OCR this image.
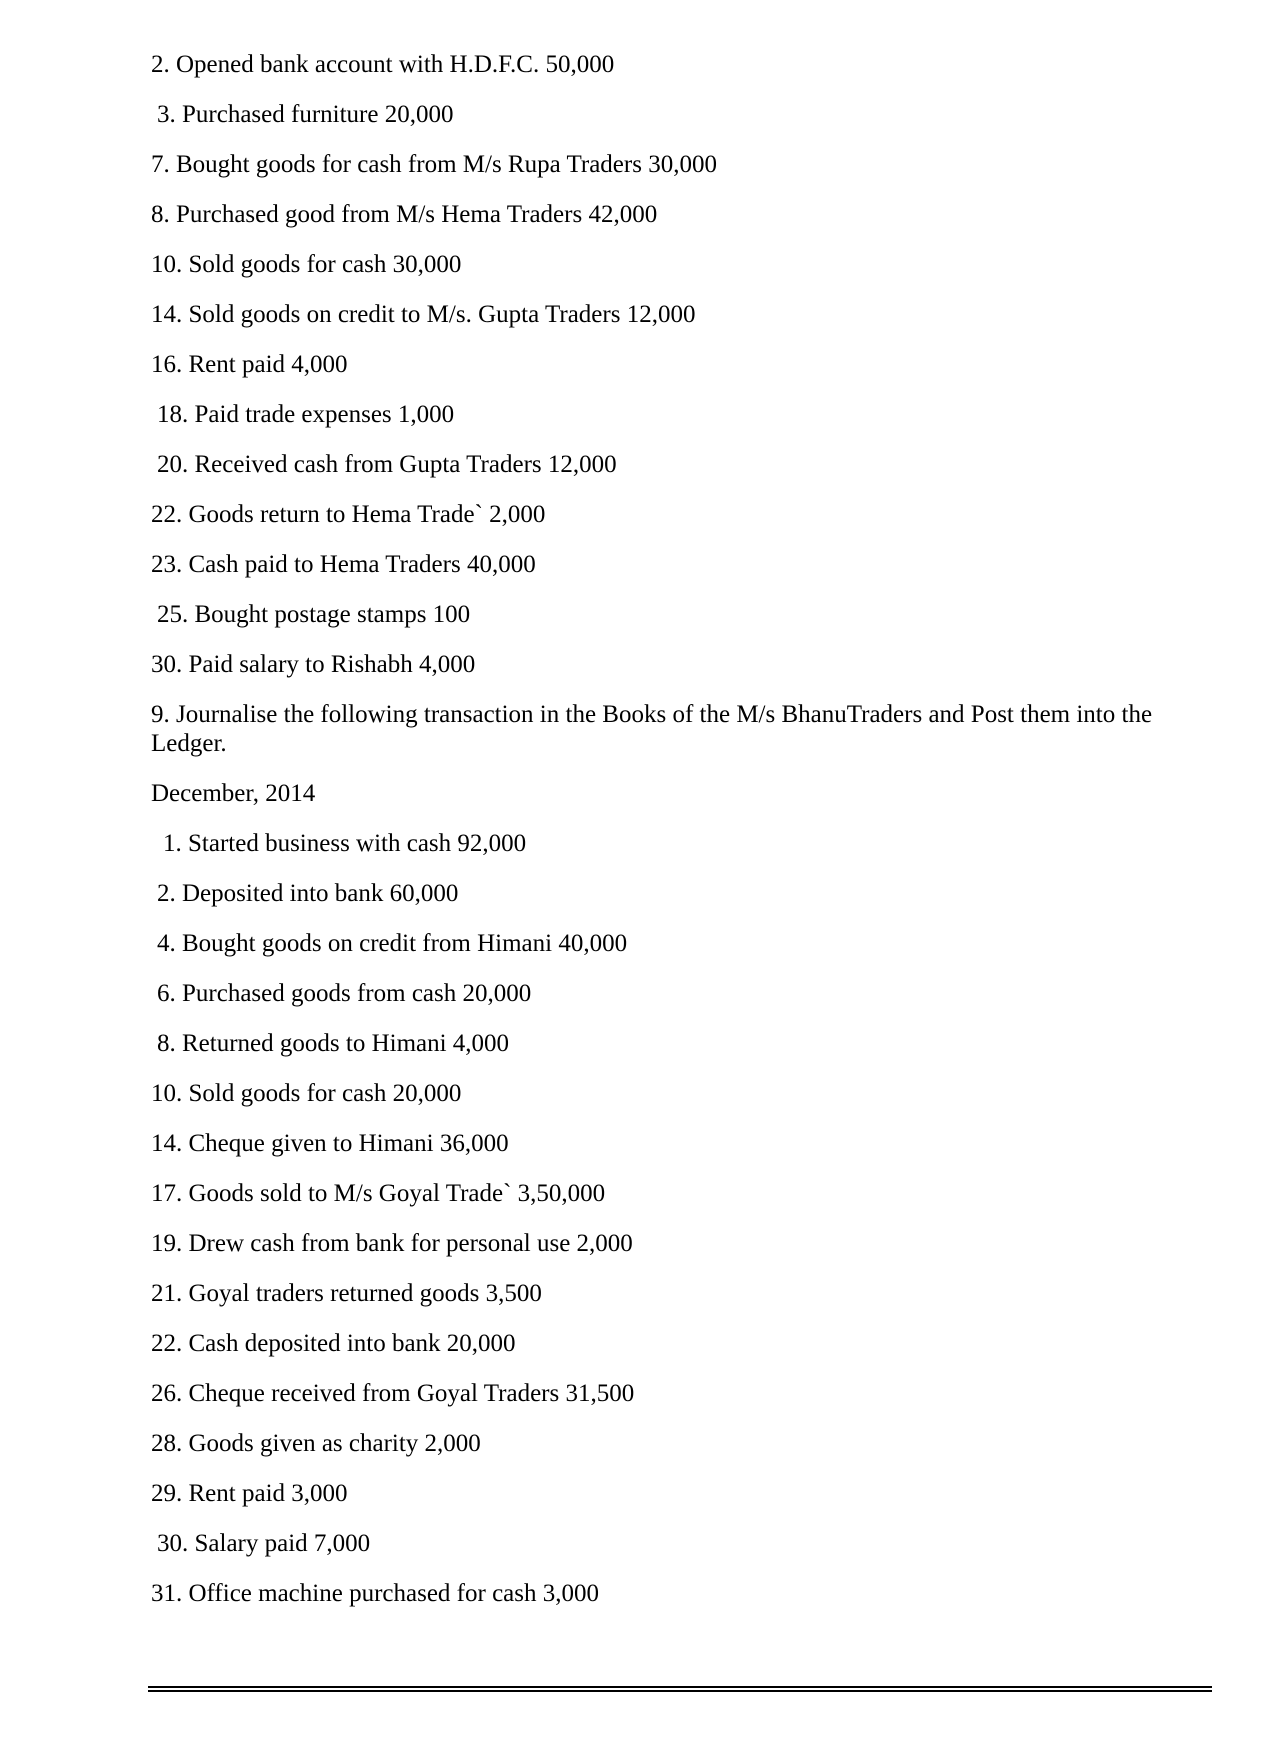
2. Opened bank account with H.D.F.C. 50,000
3. Purchased furniture 20,000
7. Bought goods for cash from M/s Rupa Traders 30,000
8. Purchased good from M/s Hema Traders 42,000
10. Sold goods for cash 30,000
14. Sold goods on credit to M/s. Gupta Traders 12,000
16. Rent paid 4,000
18. Paid trade expenses 1,000
20. Received cash from Gupta Traders 12,000
22. Goods return to Hema Trade` 2,000
23. Cash paid to Hema Traders 40,000
25. Bought postage stamps 100
30. Paid salary to Rishabh 4,000
9. Journalise the following transaction in the Books of the M/s BhanuTraders and Post them into the Ledger.
December, 2014
1. Started business with cash 92,000
2. Deposited into bank 60,000
4. Bought goods on credit from Himani 40,000
6. Purchased goods from cash 20,000
8. Returned goods to Himani 4,000
10. Sold goods for cash 20,000
14. Cheque given to Himani 36,000
17. Goods sold to M/s Goyal Trade` 3,50,000
19. Drew cash from bank for personal use 2,000
21. Goyal traders returned goods 3,500
22. Cash deposited into bank 20,000
26. Cheque received from Goyal Traders 31,500
28. Goods given as charity 2,000
29. Rent paid 3,000
30. Salary paid 7,000
31. Office machine purchased for cash 3,000
